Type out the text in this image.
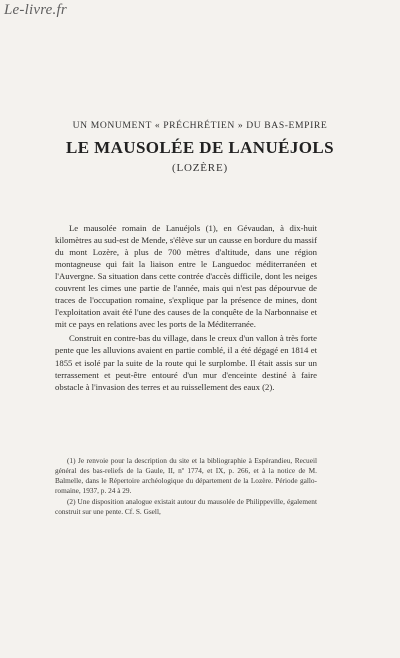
Le-livre.fr
UN MONUMENT « PRÉCHRÉTIEN » DU BAS-EMPIRE
LE MAUSOLÉE DE LANUÉJOLS
(LOZÈRE)

Le mausolée romain de Lanuéjols (1), en Gévaudan, à dix-huit kilomètres au sud-est de Mende, s'élève sur un causse en bordure du massif du mont Lozère, à plus de 700 mètres d'altitude, dans une région montagneuse qui fait la liaison entre le Languedoc méditerranéen et l'Auvergne. Sa situation dans cette contrée d'accès difficile, dont les neiges couvrent les cimes une partie de l'année, mais qui n'est pas dépourvue de traces de l'occupation romaine, s'explique par la présence de mines, dont l'exploitation avait été l'une des causes de la conquête de la Narbonnaise et mit ce pays en relations avec les ports de la Méditerranée.

Construit en contre-bas du village, dans le creux d'un vallon à très forte pente que les alluvions avaient en partie comblé, il a été dégagé en 1814 et 1855 et isolé par la suite de la route qui le surplombe. Il était assis sur un terrassement et peut-être entouré d'un mur d'enceinte destiné à faire obstacle à l'invasion des terres et au ruissellement des eaux (2).

(1) Je renvoie pour la description du site et la bibliographie à Espérandieu, Recueil général des bas-reliefs de la Gaule, II, nº 1774, et IX, p. 266, et à la notice de M. Balmelle, dans le Répertoire archéologique du département de la Lozère. Période gallo-romaine, 1937, p. 24 à 29.

(2) Une disposition analogue existait autour du mausolée de Philippeville, également construit sur une pente. Cf. S. Gsell,
